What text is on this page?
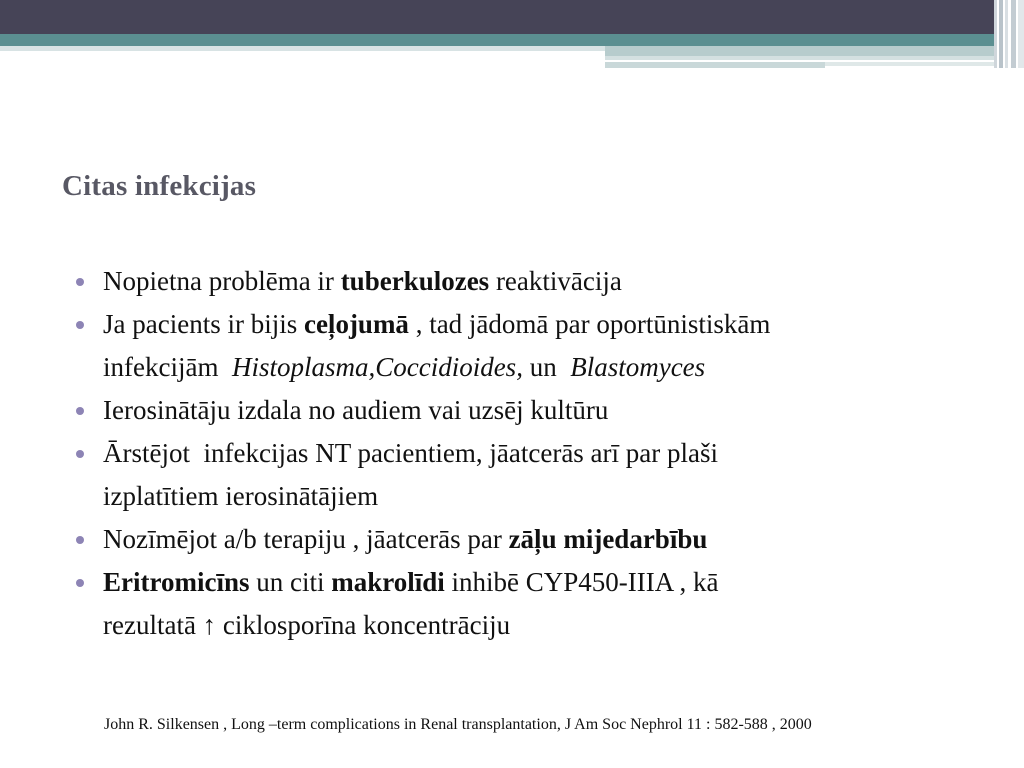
Citas infekcijas
Nopietna problēma ir tuberkulozes reaktivācija
Ja pacients ir bijis ceļojumā , tad jādomā par oportūnistiskām
infekcijām  Histoplasma,Coccidioides, un  Blastomyces
Ierosinātāju izdala no audiem vai uzsēj kultūru
Ārstējot  infekcijas NT pacientiem, jāatcerās arī par plaši
izplatītiem ierosinātājiem
Nozīmējot a/b terapiju , jāatcerās par zāļu mijedarbību
Eritromicīns un citi makrolīdi inhibē CYP450-IIIA , kā
rezultatā ↑ ciklosporīna koncentrāciju
John R. Silkensen , Long –term complications in Renal transplantation, J Am Soc Nephrol 11 : 582-588 , 2000
